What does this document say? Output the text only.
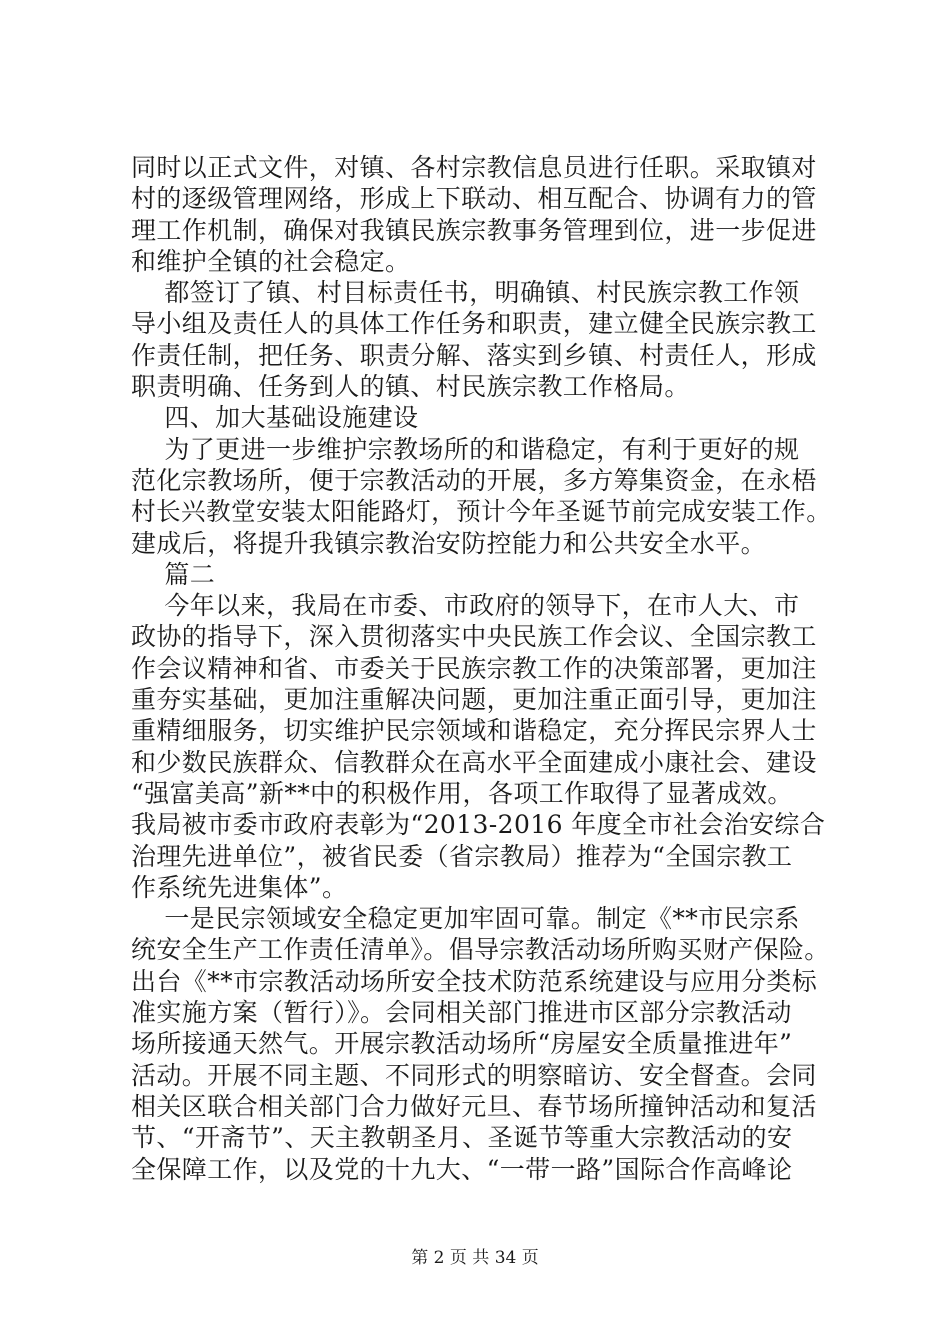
同时以正式文件，对镇、各村宗教信息员进行任职。采取镇对
村的逐级管理网络，形成上下联动、相互配合、协调有力的管
理工作机制，确保对我镇民族宗教事务管理到位，进一步促进
和维护全镇的社会稳定。
都签订了镇、村目标责任书，明确镇、村民族宗教工作领
导小组及责任人的具体工作任务和职责，建立健全民族宗教工
作责任制，把任务、职责分解、落实到乡镇、村责任人，形成
职责明确、任务到人的镇、村民族宗教工作格局。
四、加大基础设施建设
为了更进一步维护宗教场所的和谐稳定，有利于更好的规
范化宗教场所，便于宗教活动的开展，多方筹集资金，在永梧
村长兴教堂安装太阳能路灯，预计今年圣诞节前完成安装工作。
建成后，将提升我镇宗教治安防控能力和公共安全水平。
篇二
今年以来，我局在市委、市政府的领导下，在市人大、市
政协的指导下，深入贯彻落实中央民族工作会议、全国宗教工
作会议精神和省、市委关于民族宗教工作的决策部署，更加注
重夯实基础，更加注重解决问题，更加注重正面引导，更加注
重精细服务，切实维护民宗领域和谐稳定，充分挥民宗界人士
和少数民族群众、信教群众在高水平全面建成小康社会、建设
“强富美高”新**中的积极作用，各项工作取得了显著成效。
我局被市委市政府表彰为“2013-2016 年度全市社会治安综合
治理先进单位”，被省民委（省宗教局）推荐为“全国宗教工
作系统先进集体”。
一是民宗领域安全稳定更加牢固可靠。制定《**市民宗系
统安全生产工作责任清单》。倡导宗教活动场所购买财产保险。
出台《**市宗教活动场所安全技术防范系统建设与应用分类标
准实施方案（暂行）》。会同相关部门推进市区部分宗教活动
场所接通天然气。开展宗教活动场所“房屋安全质量推进年”
活动。开展不同主题、不同形式的明察暗访、安全督查。会同
相关区联合相关部门合力做好元旦、春节场所撞钟活动和复活
节、“开斋节”、天主教朝圣月、圣诞节等重大宗教活动的安
全保障工作，以及党的十九大、“一带一路”国际合作高峰论
第 2 页 共 34 页
